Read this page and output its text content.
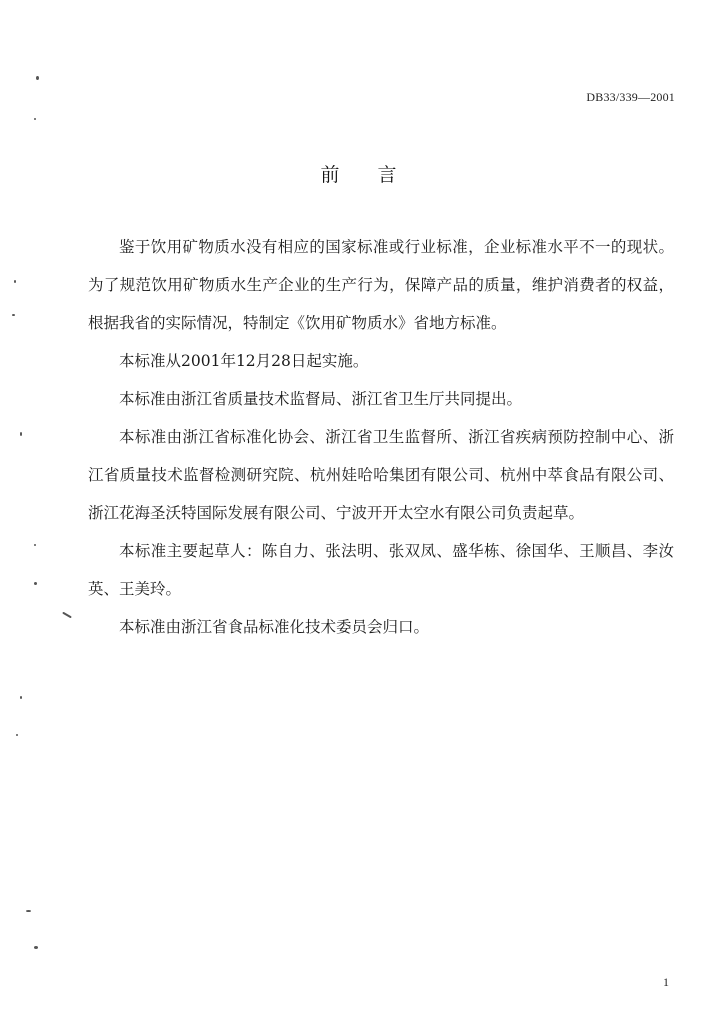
DB33/339—2001
前言

鉴于饮用矿物质水没有相应的国家标准或行业标准，企业标准水平不一的现状。为了规范饮用矿物质水生产企业的生产行为，保障产品的质量，维护消费者的权益，根据我省的实际情况，特制定《饮用矿物质水》省地方标准。

本标准从2001年12月28日起实施。

本标准由浙江省质量技术监督局、浙江省卫生厅共同提出。

本标准由浙江省标准化协会、浙江省卫生监督所、浙江省疾病预防控制中心、浙江省质量技术监督检测研究院、杭州娃哈哈集团有限公司、杭州中萃食品有限公司、浙江花海圣沃特国际发展有限公司、宁波开开太空水有限公司负责起草。

本标准主要起草人：陈自力、张法明、张双凤、盛华栋、徐国华、王顺昌、李汝英、王美玲。

本标准由浙江省食品标准化技术委员会归口。

1
